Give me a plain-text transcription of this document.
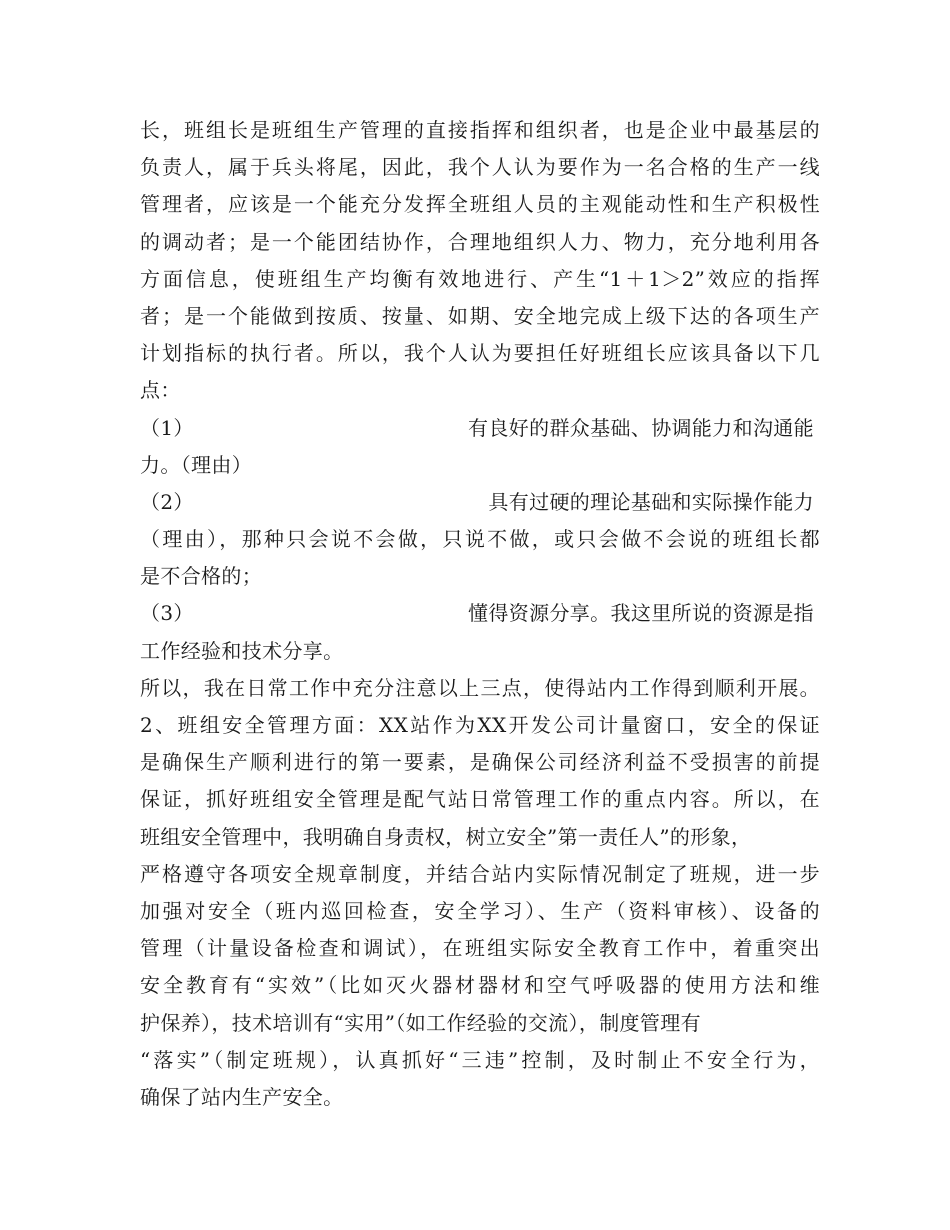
长，班组长是班组生产管理的直接指挥和组织者，也是企业中最基层的
负责人，属于兵头将尾，因此，我个人认为要作为一名合格的生产一线
管理者，应该是一个能充分发挥全班组人员的主观能动性和生产积极性
的调动者；是一个能团结协作，合理地组织人力、物力，充分地利用各
方面信息，使班组生产均衡有效地进行、产生“1＋1＞2”效应的指挥
者；是一个能做到按质、按量、如期、安全地完成上级下达的各项生产
计划指标的执行者。所以，我个人认为要担任好班组长应该具备以下几
点：
（1）	有良好的群众基础、协调能力和沟通能
力。（理由）
（2）	具有过硬的理论基础和实际操作能力
（理由），那种只会说不会做，只说不做，或只会做不会说的班组长都
是不合格的；
（3）	懂得资源分享。我这里所说的资源是指
工作经验和技术分享。
所以，我在日常工作中充分注意以上三点，使得站内工作得到顺利开展。
2、班组安全管理方面：XX站作为XX开发公司计量窗口，安全的保证
是确保生产顺利进行的第一要素，是确保公司经济利益不受损害的前提
保证，抓好班组安全管理是配气站日常管理工作的重点内容。所以，在
班组安全管理中，我明确自身责权，树立安全”第一责任人”的形象，
严格遵守各项安全规章制度，并结合站内实际情况制定了班规，进一步
加强对安全（班内巡回检查，安全学习）、生产（资料审核）、设备的
管理（计量设备检查和调试），在班组实际安全教育工作中，着重突出
安全教育有“实效”（比如灭火器材器材和空气呼吸器的使用方法和维
护保养），技术培训有“实用”（如工作经验的交流），制度管理有
“落实”（制定班规），认真抓好“三违”控制，及时制止不安全行为，
确保了站内生产安全。
